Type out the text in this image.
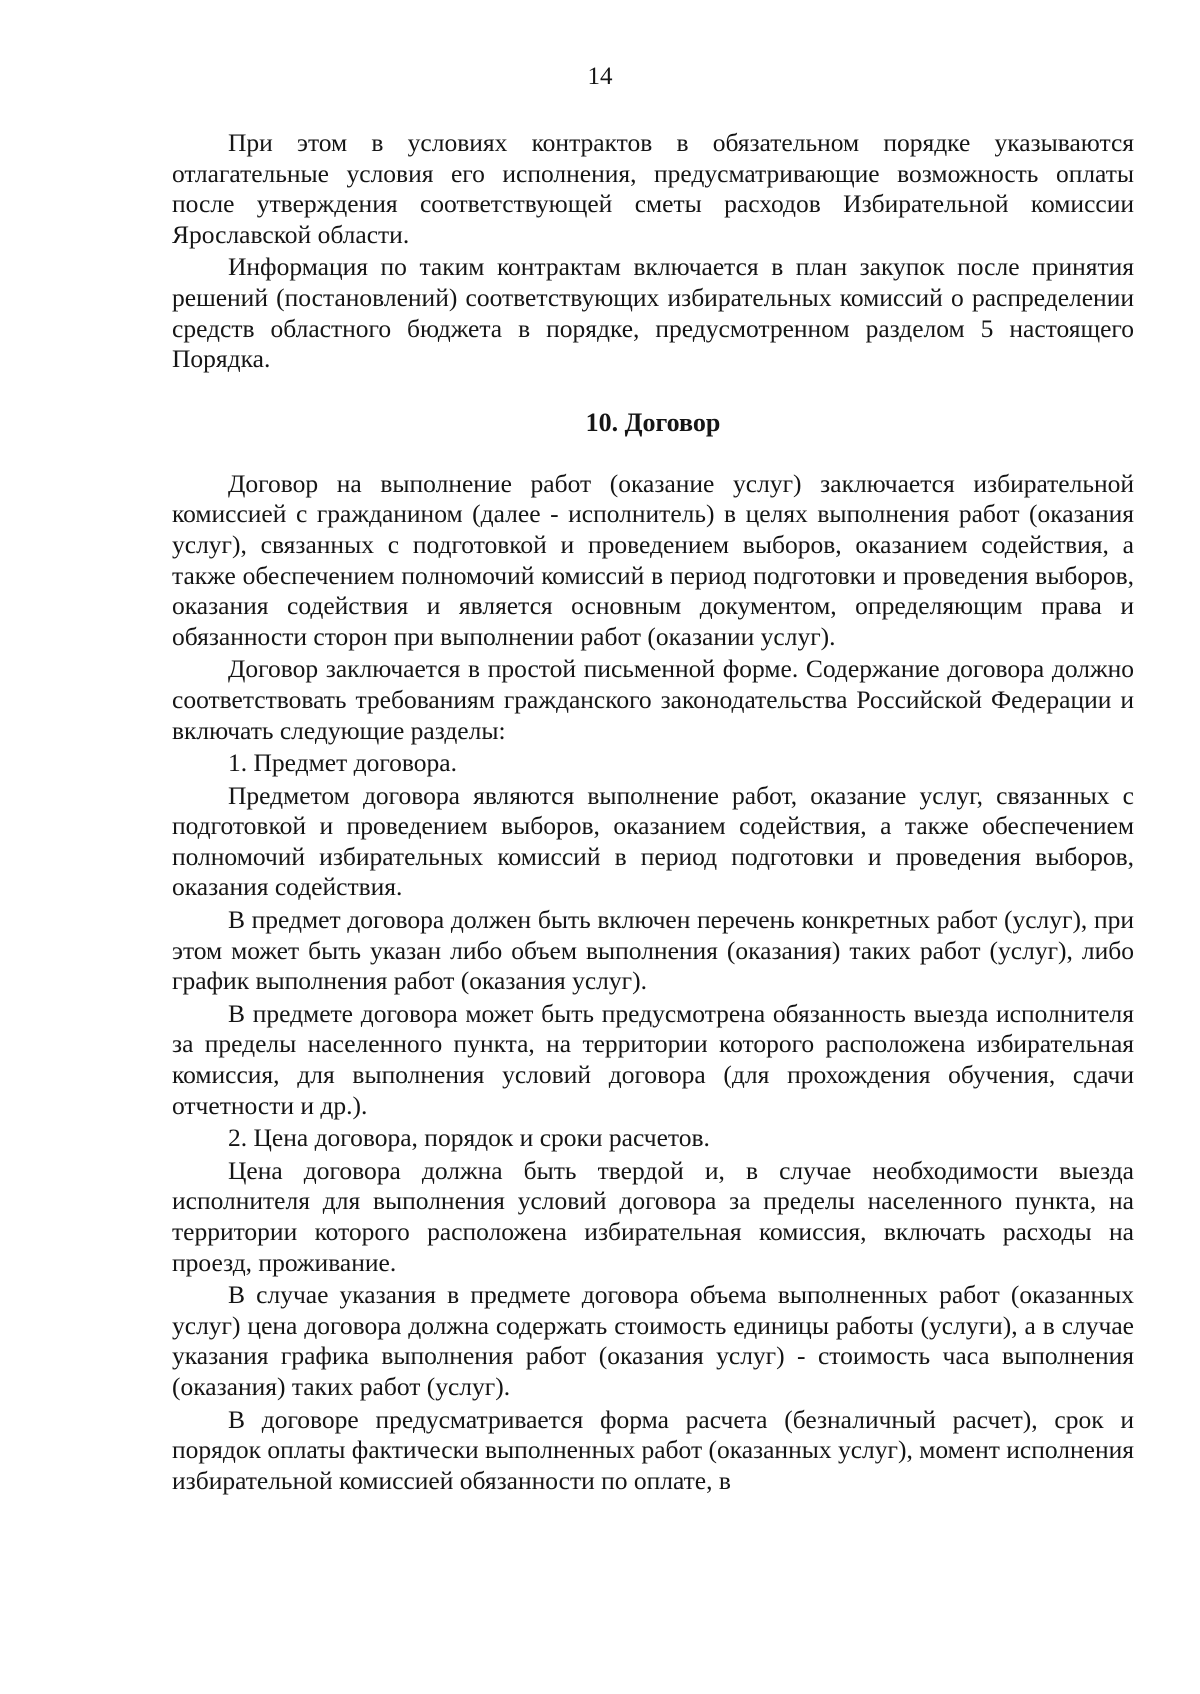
14

При этом в условиях контрактов в обязательном порядке указываются отлагательные условия его исполнения, предусматривающие возможность оплаты после утверждения соответствующей сметы расходов Избирательной комиссии Ярославской области.

Информация по таким контрактам включается в план закупок после принятия решений (постановлений) соответствующих избирательных комиссий о распределении средств областного бюджета в порядке, предусмотренном разделом 5 настоящего Порядка.

10. Договор

Договор на выполнение работ (оказание услуг) заключается избирательной комиссией с гражданином (далее - исполнитель) в целях выполнения работ (оказания услуг), связанных с подготовкой и проведением выборов, оказанием содействия, а также обеспечением полномочий комиссий в период подготовки и проведения выборов, оказания содействия и является основным документом, определяющим права и обязанности сторон при выполнении работ (оказании услуг).

Договор заключается в простой письменной форме. Содержание договора должно соответствовать требованиям гражданского законодательства Российской Федерации и включать следующие разделы:

1. Предмет договора.

Предметом договора являются выполнение работ, оказание услуг, связанных с подготовкой и проведением выборов, оказанием содействия, а также обеспечением полномочий избирательных комиссий в период подготовки и проведения выборов, оказания содействия.

В предмет договора должен быть включен перечень конкретных работ (услуг), при этом может быть указан либо объем выполнения (оказания) таких работ (услуг), либо график выполнения работ (оказания услуг).

В предмете договора может быть предусмотрена обязанность выезда исполнителя за пределы населенного пункта, на территории которого расположена избирательная комиссия, для выполнения условий договора (для прохождения обучения, сдачи отчетности и др.).

2. Цена договора, порядок и сроки расчетов.

Цена договора должна быть твердой и, в случае необходимости выезда исполнителя для выполнения условий договора за пределы населенного пункта, на территории которого расположена избирательная комиссия, включать расходы на проезд, проживание.

В случае указания в предмете договора объема выполненных работ (оказанных услуг) цена договора должна содержать стоимость единицы работы (услуги), а в случае указания графика выполнения работ (оказания услуг) - стоимость часа выполнения (оказания) таких работ (услуг).

В договоре предусматривается форма расчета (безналичный расчет), срок и порядок оплаты фактически выполненных работ (оказанных услуг), момент исполнения избирательной комиссией обязанности по оплате, в
